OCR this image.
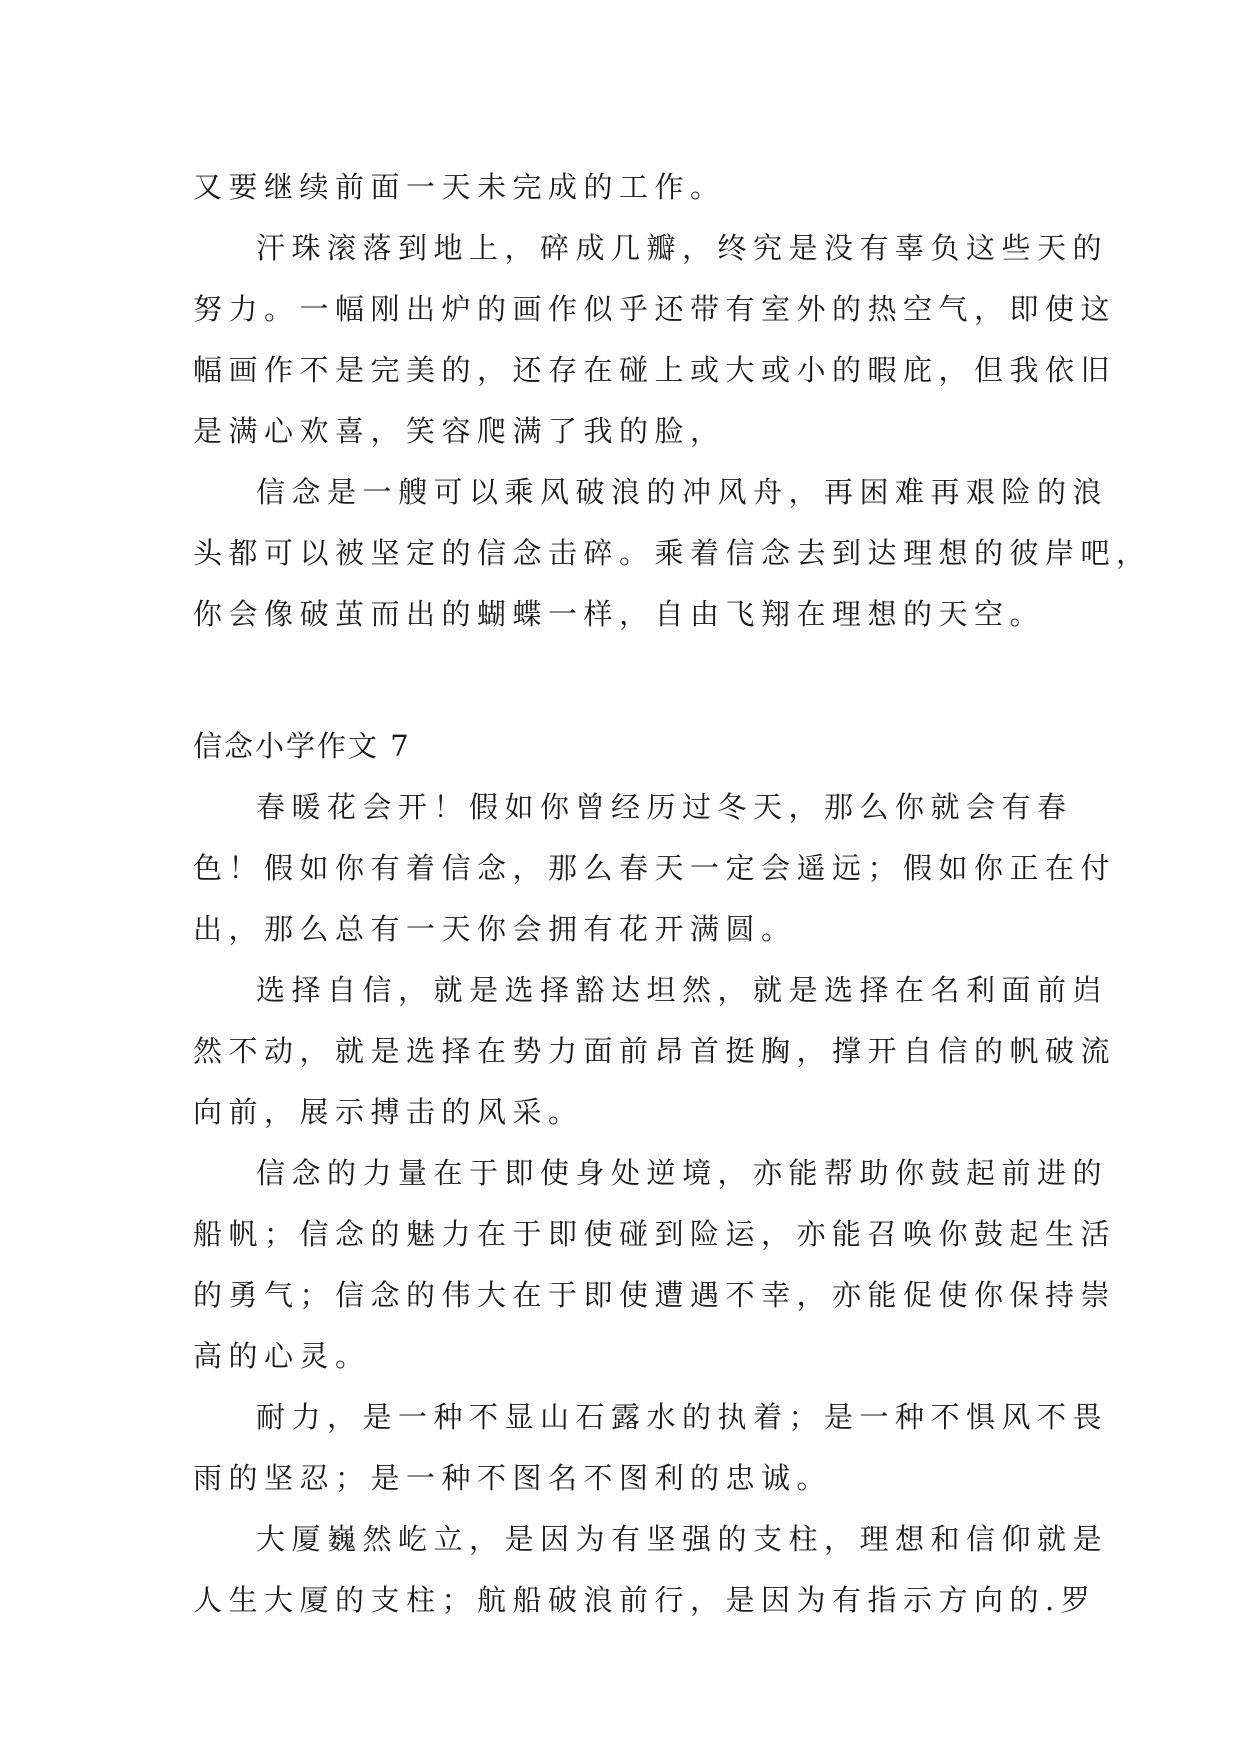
又要继续前面一天未完成的工作。
汗珠滚落到地上，碎成几瓣，终究是没有辜负这些天的
努力。一幅刚出炉的画作似乎还带有室外的热空气，即使这
幅画作不是完美的，还存在碰上或大或小的暇庇，但我依旧
是满心欢喜，笑容爬满了我的脸，
信念是一艘可以乘风破浪的冲风舟，再困难再艰险的浪
头都可以被坚定的信念击碎。乘着信念去到达理想的彼岸吧，
你会像破茧而出的蝴蝶一样，自由飞翔在理想的天空。
信念小学作文 7
春暖花会开！假如你曾经历过冬天，那么你就会有春
色！假如你有着信念，那么春天一定会遥远；假如你正在付
出，那么总有一天你会拥有花开满圆。
选择自信，就是选择豁达坦然，就是选择在名利面前岿
然不动，就是选择在势力面前昂首挺胸，撑开自信的帆破流
向前，展示搏击的风采。
信念的力量在于即使身处逆境，亦能帮助你鼓起前进的
船帆；信念的魅力在于即使碰到险运，亦能召唤你鼓起生活
的勇气；信念的伟大在于即使遭遇不幸，亦能促使你保持崇
高的心灵。
耐力，是一种不显山石露水的执着；是一种不惧风不畏
雨的坚忍；是一种不图名不图利的忠诚。
大厦巍然屹立，是因为有坚强的支柱，理想和信仰就是
人生大厦的支柱；航船破浪前行，是因为有指示方向的.罗
